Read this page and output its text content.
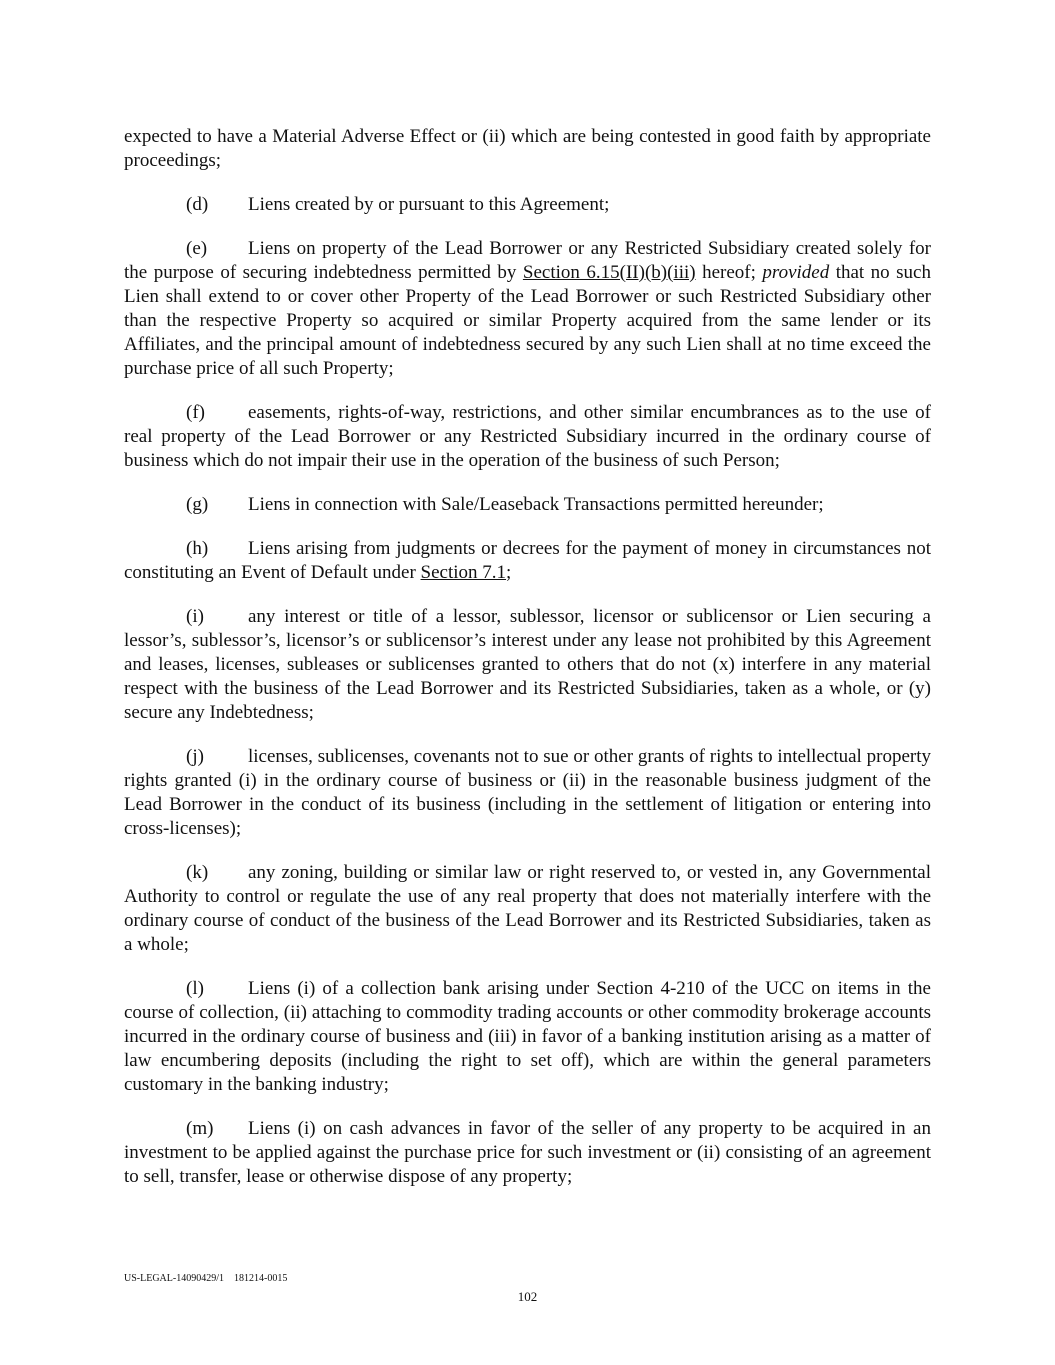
expected to have a Material Adverse Effect or (ii) which are being contested in good faith by appropriate proceedings;

(d) Liens created by or pursuant to this Agreement;

(e) Liens on property of the Lead Borrower or any Restricted Subsidiary created solely for the purpose of securing indebtedness permitted by Section 6.15(II)(b)(iii) hereof; provided that no such Lien shall extend to or cover other Property of the Lead Borrower or such Restricted Subsidiary other than the respective Property so acquired or similar Property acquired from the same lender or its Affiliates, and the principal amount of indebtedness secured by any such Lien shall at no time exceed the purchase price of all such Property;

(f) easements, rights-of-way, restrictions, and other similar encumbrances as to the use of real property of the Lead Borrower or any Restricted Subsidiary incurred in the ordinary course of business which do not impair their use in the operation of the business of such Person;

(g) Liens in connection with Sale/Leaseback Transactions permitted hereunder;

(h) Liens arising from judgments or decrees for the payment of money in circumstances not constituting an Event of Default under Section 7.1;

(i) any interest or title of a lessor, sublessor, licensor or sublicensor or Lien securing a lessor’s, sublessor’s, licensor’s or sublicensor’s interest under any lease not prohibited by this Agreement and leases, licenses, subleases or sublicenses granted to others that do not (x) interfere in any material respect with the business of the Lead Borrower and its Restricted Subsidiaries, taken as a whole, or (y) secure any Indebtedness;

(j) licenses, sublicenses, covenants not to sue or other grants of rights to intellectual property rights granted (i) in the ordinary course of business or (ii) in the reasonable business judgment of the Lead Borrower in the conduct of its business (including in the settlement of litigation or entering into cross-licenses);

(k) any zoning, building or similar law or right reserved to, or vested in, any Governmental Authority to control or regulate the use of any real property that does not materially interfere with the ordinary course of conduct of the business of the Lead Borrower and its Restricted Subsidiaries, taken as a whole;

(l) Liens (i) of a collection bank arising under Section 4-210 of the UCC on items in the course of collection, (ii) attaching to commodity trading accounts or other commodity brokerage accounts incurred in the ordinary course of business and (iii) in favor of a banking institution arising as a matter of law encumbering deposits (including the right to set off), which are within the general parameters customary in the banking industry;

(m) Liens (i) on cash advances in favor of the seller of any property to be acquired in an investment to be applied against the purchase price for such investment or (ii) consisting of an agreement to sell, transfer, lease or otherwise dispose of any property;

US-LEGAL-14090429/1 181214-0015
102
